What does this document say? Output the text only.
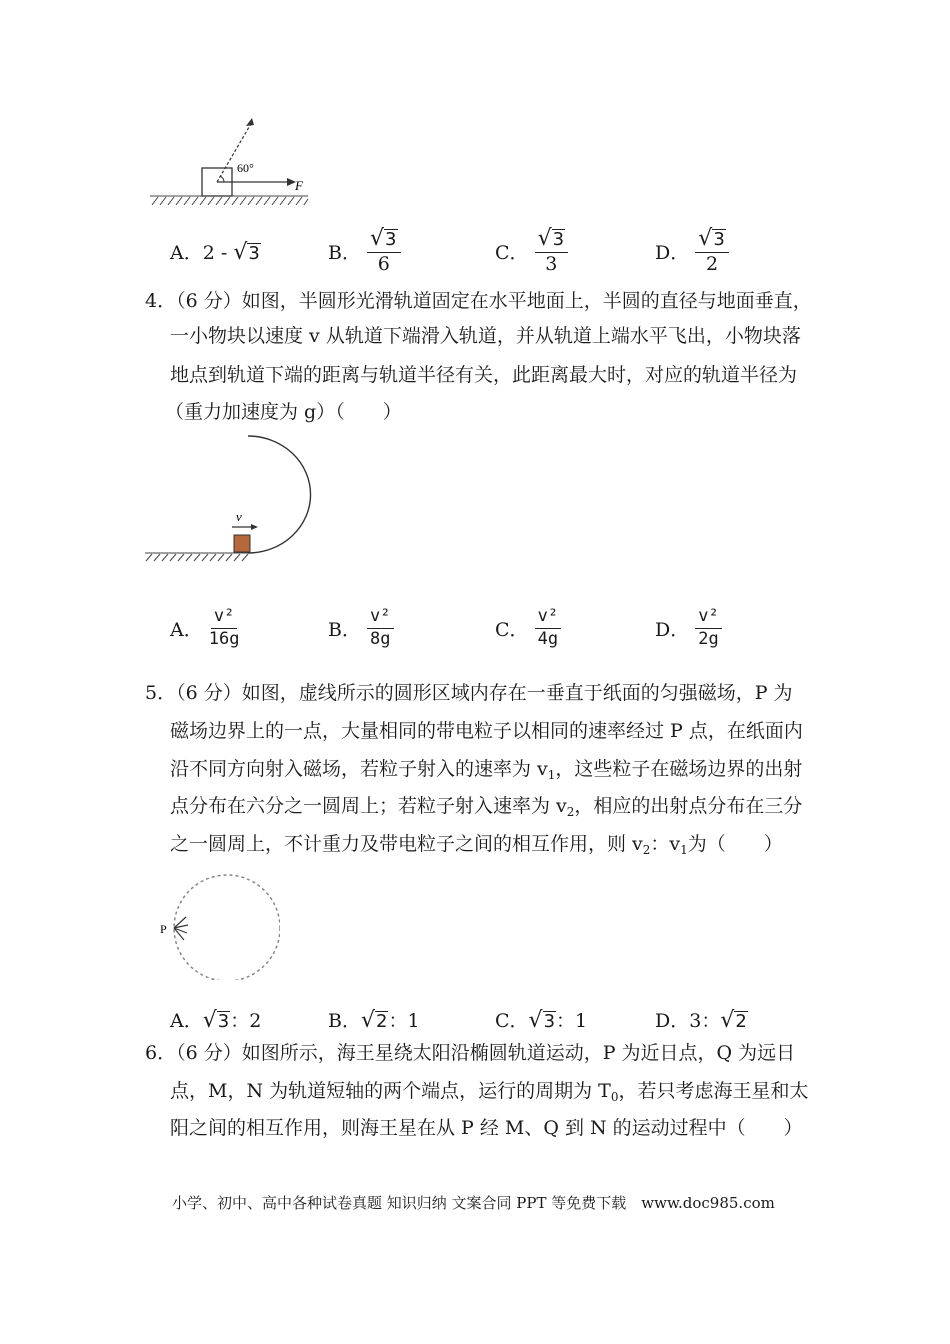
60°
F
A．2 - √ 3	B． $\frac{√ 3}{6}$	C． $\frac{√ 3}{3}$	D． $\frac{√ 3}{2}$
4．（6 分）如图，半圆形光滑轨道固定在水平地面上，半圆的直径与地面垂直，
一小物块以速度 v 从轨道下端滑入轨道，并从轨道上端水平飞出，小物块落
地点到轨道下端的距离与轨道半径有关，此距离最大时，对应的轨道半径为
（重力加速度为 g）（　　）
v
A． $\frac{\text{v²}}{16g}$	B． $\frac{\text{v²}}{8g}$	C． $\frac{\text{v²}}{4g}$	D． $\frac{\text{v²}}{2g}$
5．（6 分）如图，虚线所示的圆形区域内存在一垂直于纸面的匀强磁场，P 为
磁场边界上的一点，大量相同的带电粒子以相同的速率经过 P 点，在纸面内
沿不同方向射入磁场，若粒子射入的速率为 $v_1$，这些粒子在磁场边界的出射
点分布在六分之一圆周上；若粒子射入速率为 $v_2$，相应的出射点分布在三分
之一圆周上，不计重力及带电粒子之间的相互作用，则 $v_2$：$v_1$为（　　）
P
A． √ 3 ：2	B． √ 2 ：1	C． √ 3 ：1	D．3： √ 2
6．（6 分）如图所示，海王星绕太阳沿椭圆轨道运动，P 为近日点，Q 为远日
点，M，N 为轨道短轴的两个端点，运行的周期为 $T_0$，若只考虑海王星和太
阳之间的相互作用，则海王星在从 P 经 M、Q 到 N 的运动过程中（　　）
小学、初中、高中各种试卷真题 知识归纳 文案合同 PPT 等免费下载　www.doc985.com
